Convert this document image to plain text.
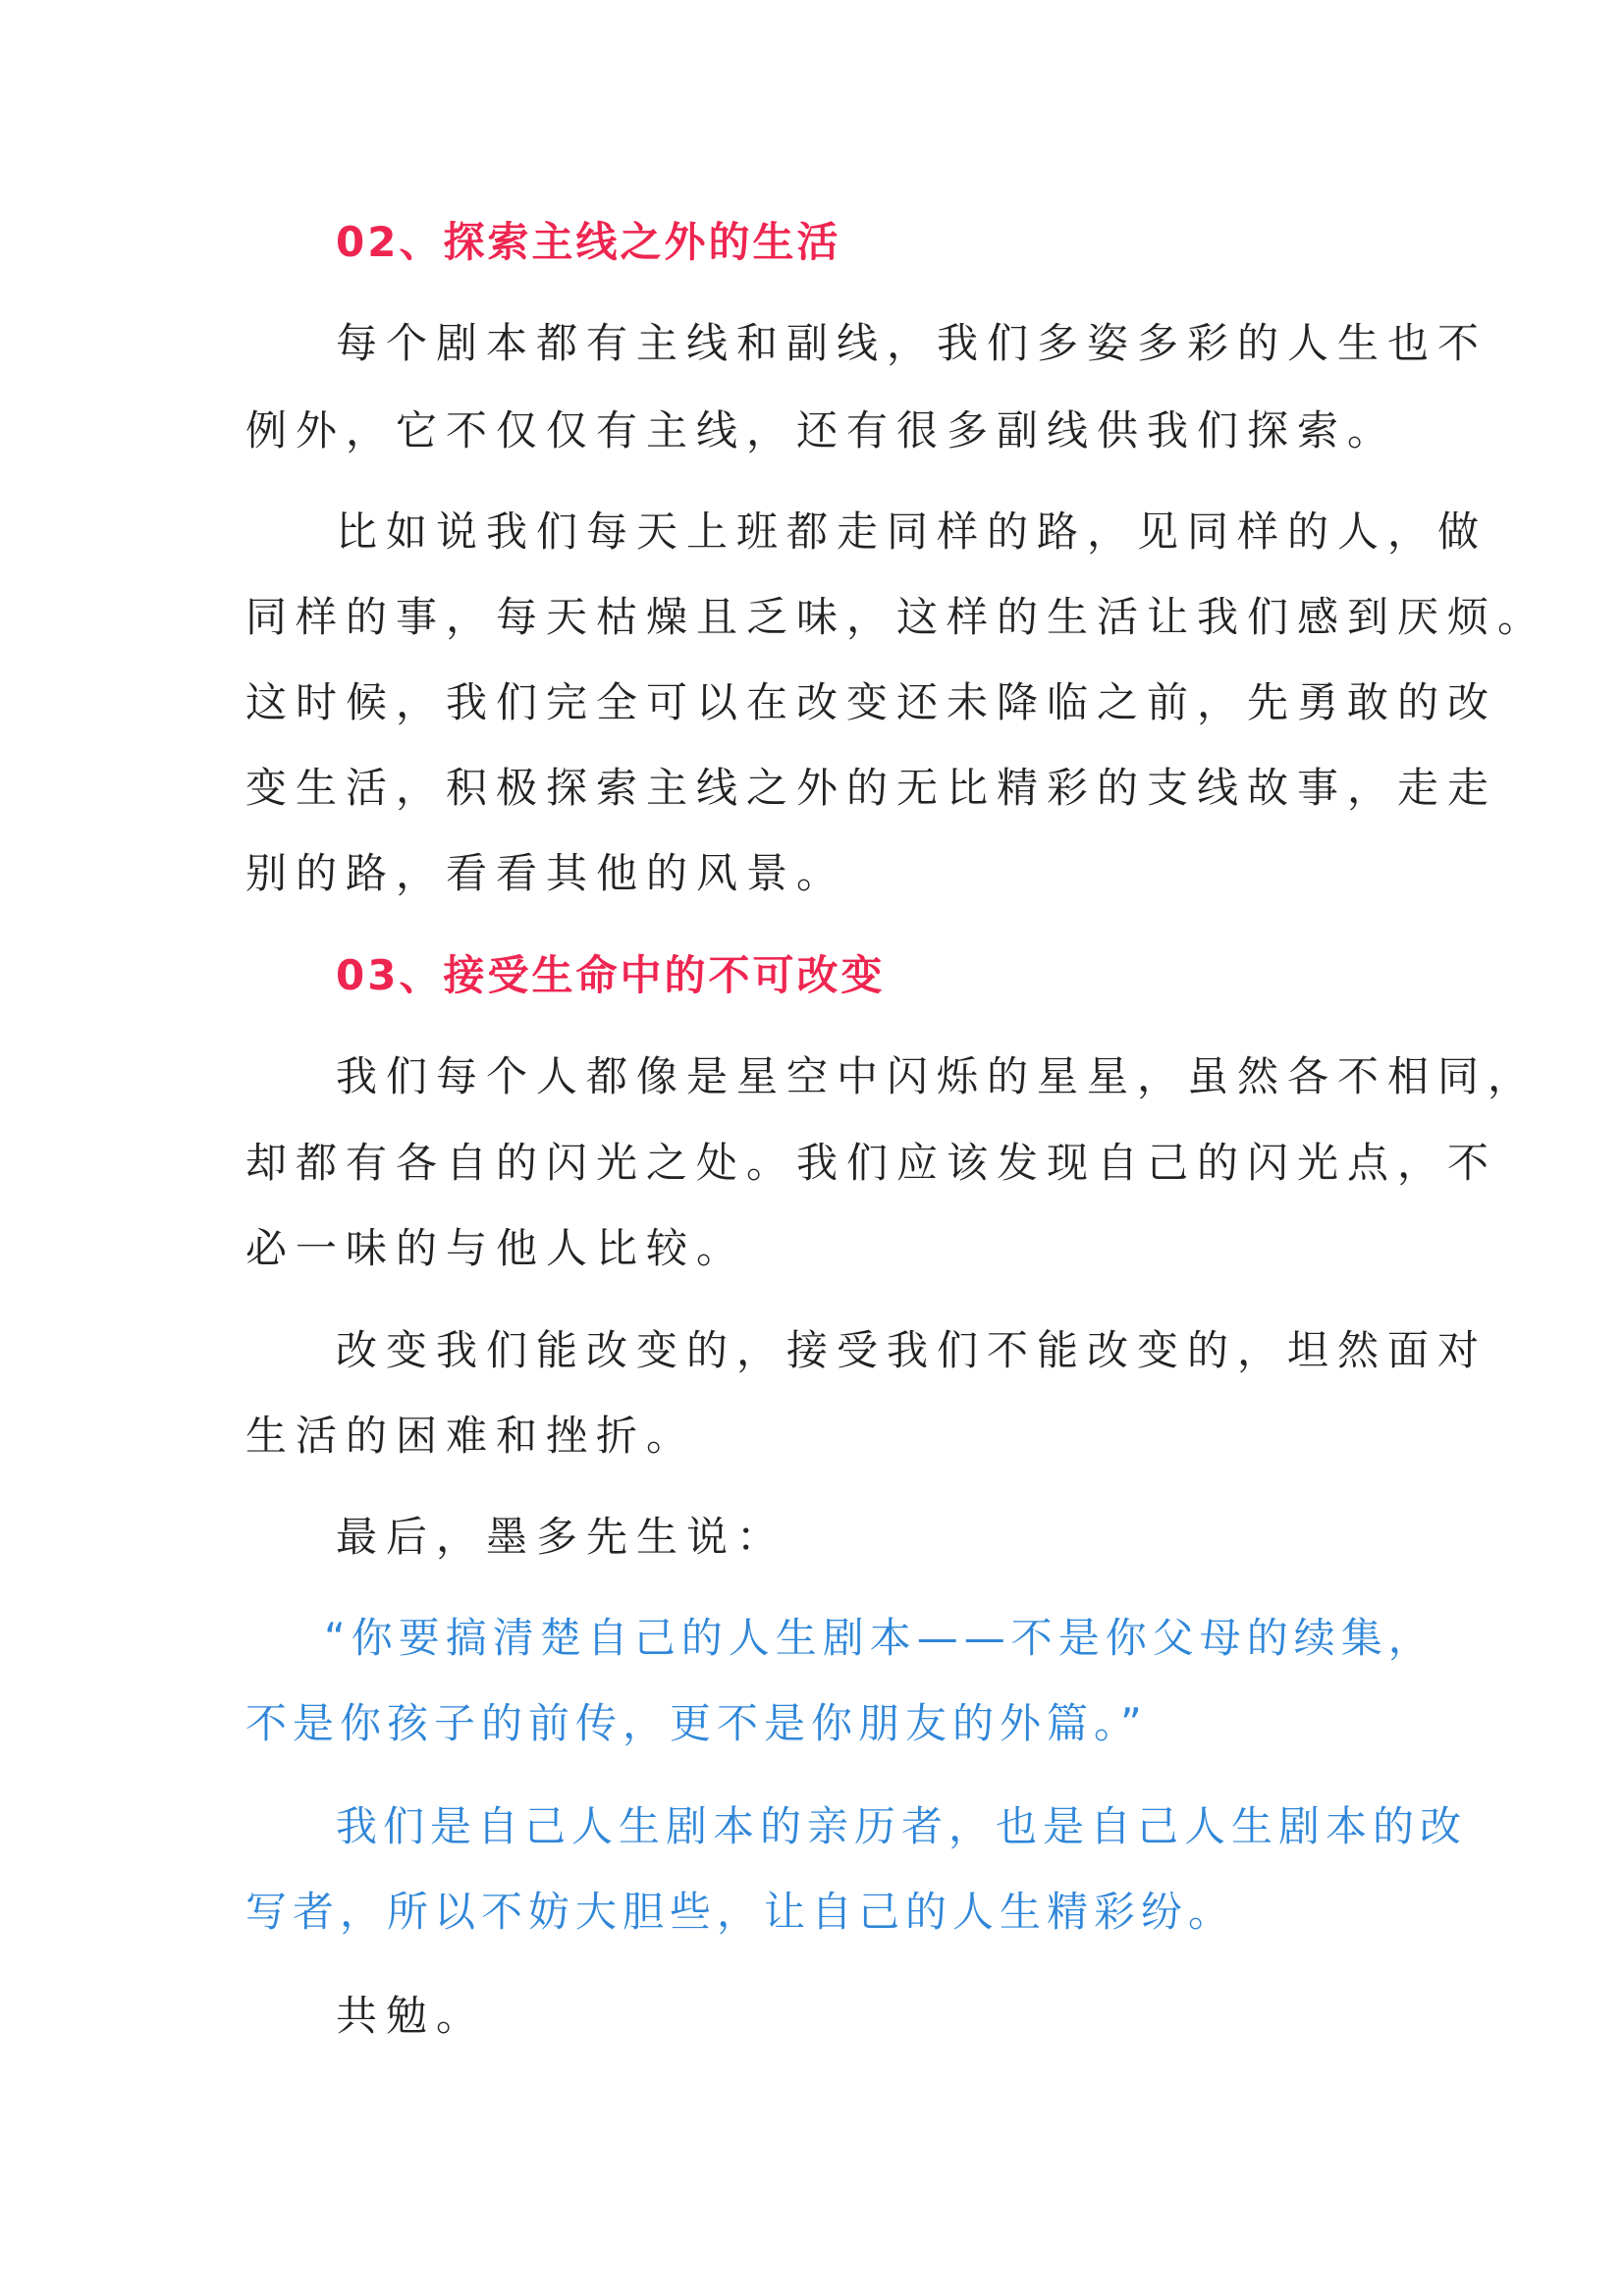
02、探索主线之外的生活
每个剧本都有主线和副线，我们多姿多彩的人生也不
例外，它不仅仅有主线，还有很多副线供我们探索。
比如说我们每天上班都走同样的路，见同样的人，做
同样的事，每天枯燥且乏味，这样的生活让我们感到厌烦。
这时候，我们完全可以在改变还未降临之前，先勇敢的改
变生活，积极探索主线之外的无比精彩的支线故事，走走
别的路，看看其他的风景。
03、接受生命中的不可改变
我们每个人都像是星空中闪烁的星星，虽然各不相同，
却都有各自的闪光之处。我们应该发现自己的闪光点，不
必一味的与他人比较。
改变我们能改变的，接受我们不能改变的，坦然面对
生活的困难和挫折。
最后，墨多先生说：
“你要搞清楚自己的人生剧本——不是你父母的续集，
不是你孩子的前传，更不是你朋友的外篇。”
我们是自己人生剧本的亲历者，也是自己人生剧本的改
写者，所以不妨大胆些，让自己的人生精彩纷。
共勉。
